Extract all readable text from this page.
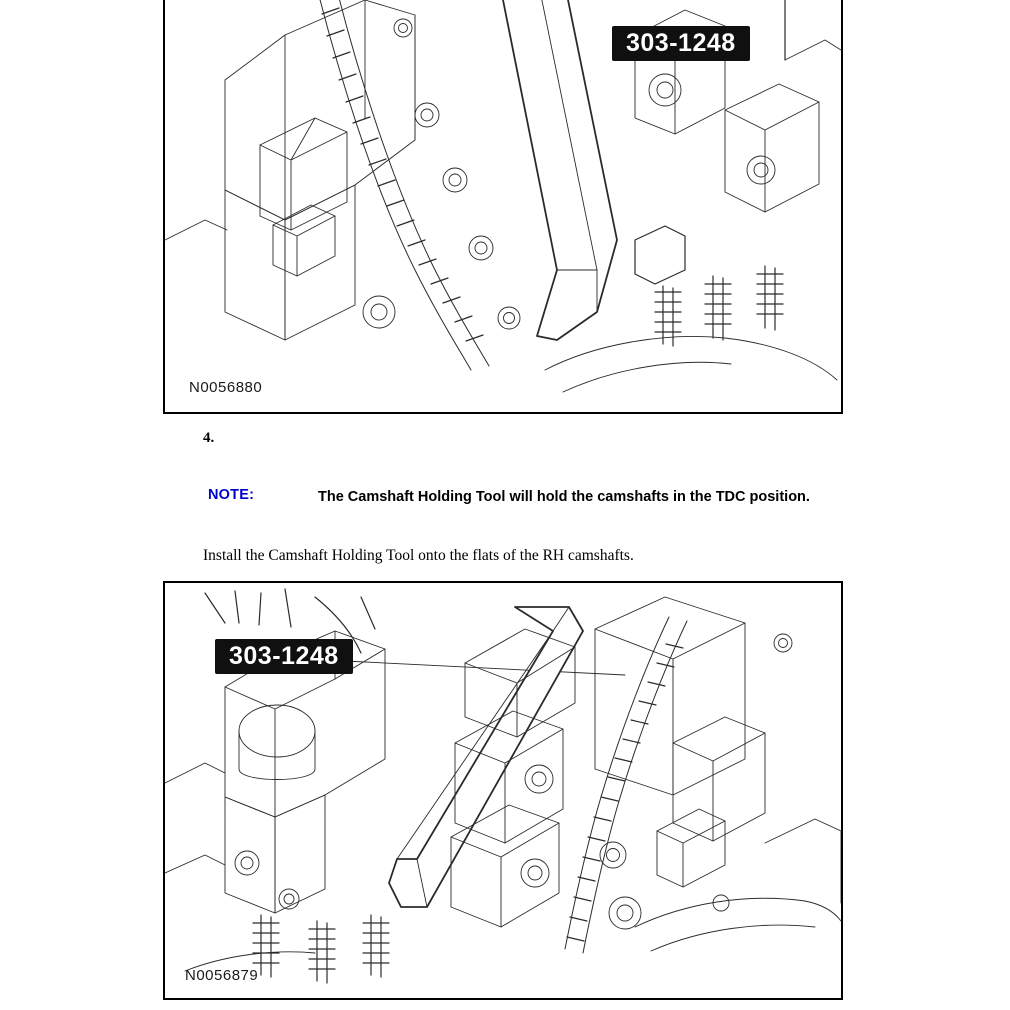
303-1248
N0056880
4.
NOTE:	The Camshaft Holding Tool will hold the camshafts in the TDC position.
Install the Camshaft Holding Tool onto the flats of the RH camshafts.
303-1248
N0056879
